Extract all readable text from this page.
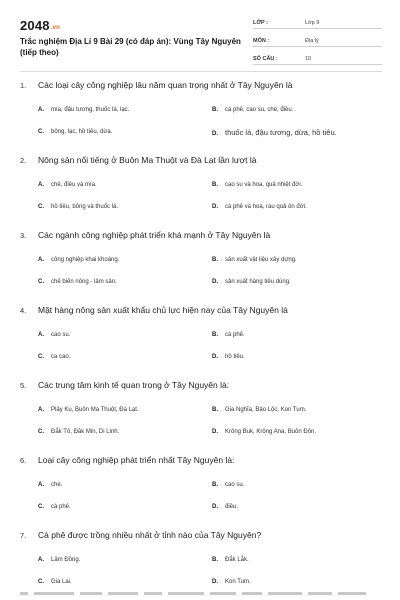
2048.vn
Trắc nghiệm Địa Lí 9 Bài 29 (có đáp án): Vùng Tây Nguyên (tiếp theo)
LỚP :	Lớp 9
MÔN :	Địa lý
SỐ CÂU :	10
1.	Các loại cây công nghiệp lâu năm quan trọng nhất ở Tây Nguyên là
A. mía, đậu tương, thuốc lá, lạc.	B. cà phê, cao su, chè, điều.
C. bông, lạc, hồ tiêu, dừa.	D. thuốc lá, đậu tương, dừa, hồ tiêu.
2.	Nông sản nổi tiếng ở Buôn Ma Thuột và Đà Lạt lần lượt là
A. chè, điều và mía.	B. cao su và hoa, quả nhiệt đới.
C. hồ tiêu, bông và thuốc lá.	D. cà phê và hoa, rau quả ôn đới.
3.	Các ngành công nghiệp phát triển khá mạnh ở Tây Nguyên là
A. công nghiệp khai khoáng.	B. sản xuất vật liệu xây dựng.
C. chế biến nông - lâm sản.	D. sản xuất hàng tiêu dùng.
4.	Mặt hàng nông sản xuất khẩu chủ lực hiện nay của Tây Nguyên là
A. cao su.	B. cà phê.
C. ca cao.	D. hồ tiêu.
5.	Các trung tâm kinh tế quan trọng ở Tây Nguyên là:
A. Plây Ku, Buôn Ma Thuột, Đà Lạt.	B. Gia Nghĩa, Bảo Lộc, Kon Tum.
C. Đắk Tô, Đăk Min, Di Linh.	D. Krông Buk, Krông Ana, Buôn Đôn.
6.	Loại cây công nghiệp phát triển nhất Tây Nguyên là:
A. chè.	B. cao su.
C. cà phê.	D. điều.
7.	Cà phê được trồng nhiều nhất ở tỉnh nào của Tây Nguyên?
A. Lâm Đồng.	B. Đắk Lắk.
C. Gia Lai.	D. Kon Tum.
